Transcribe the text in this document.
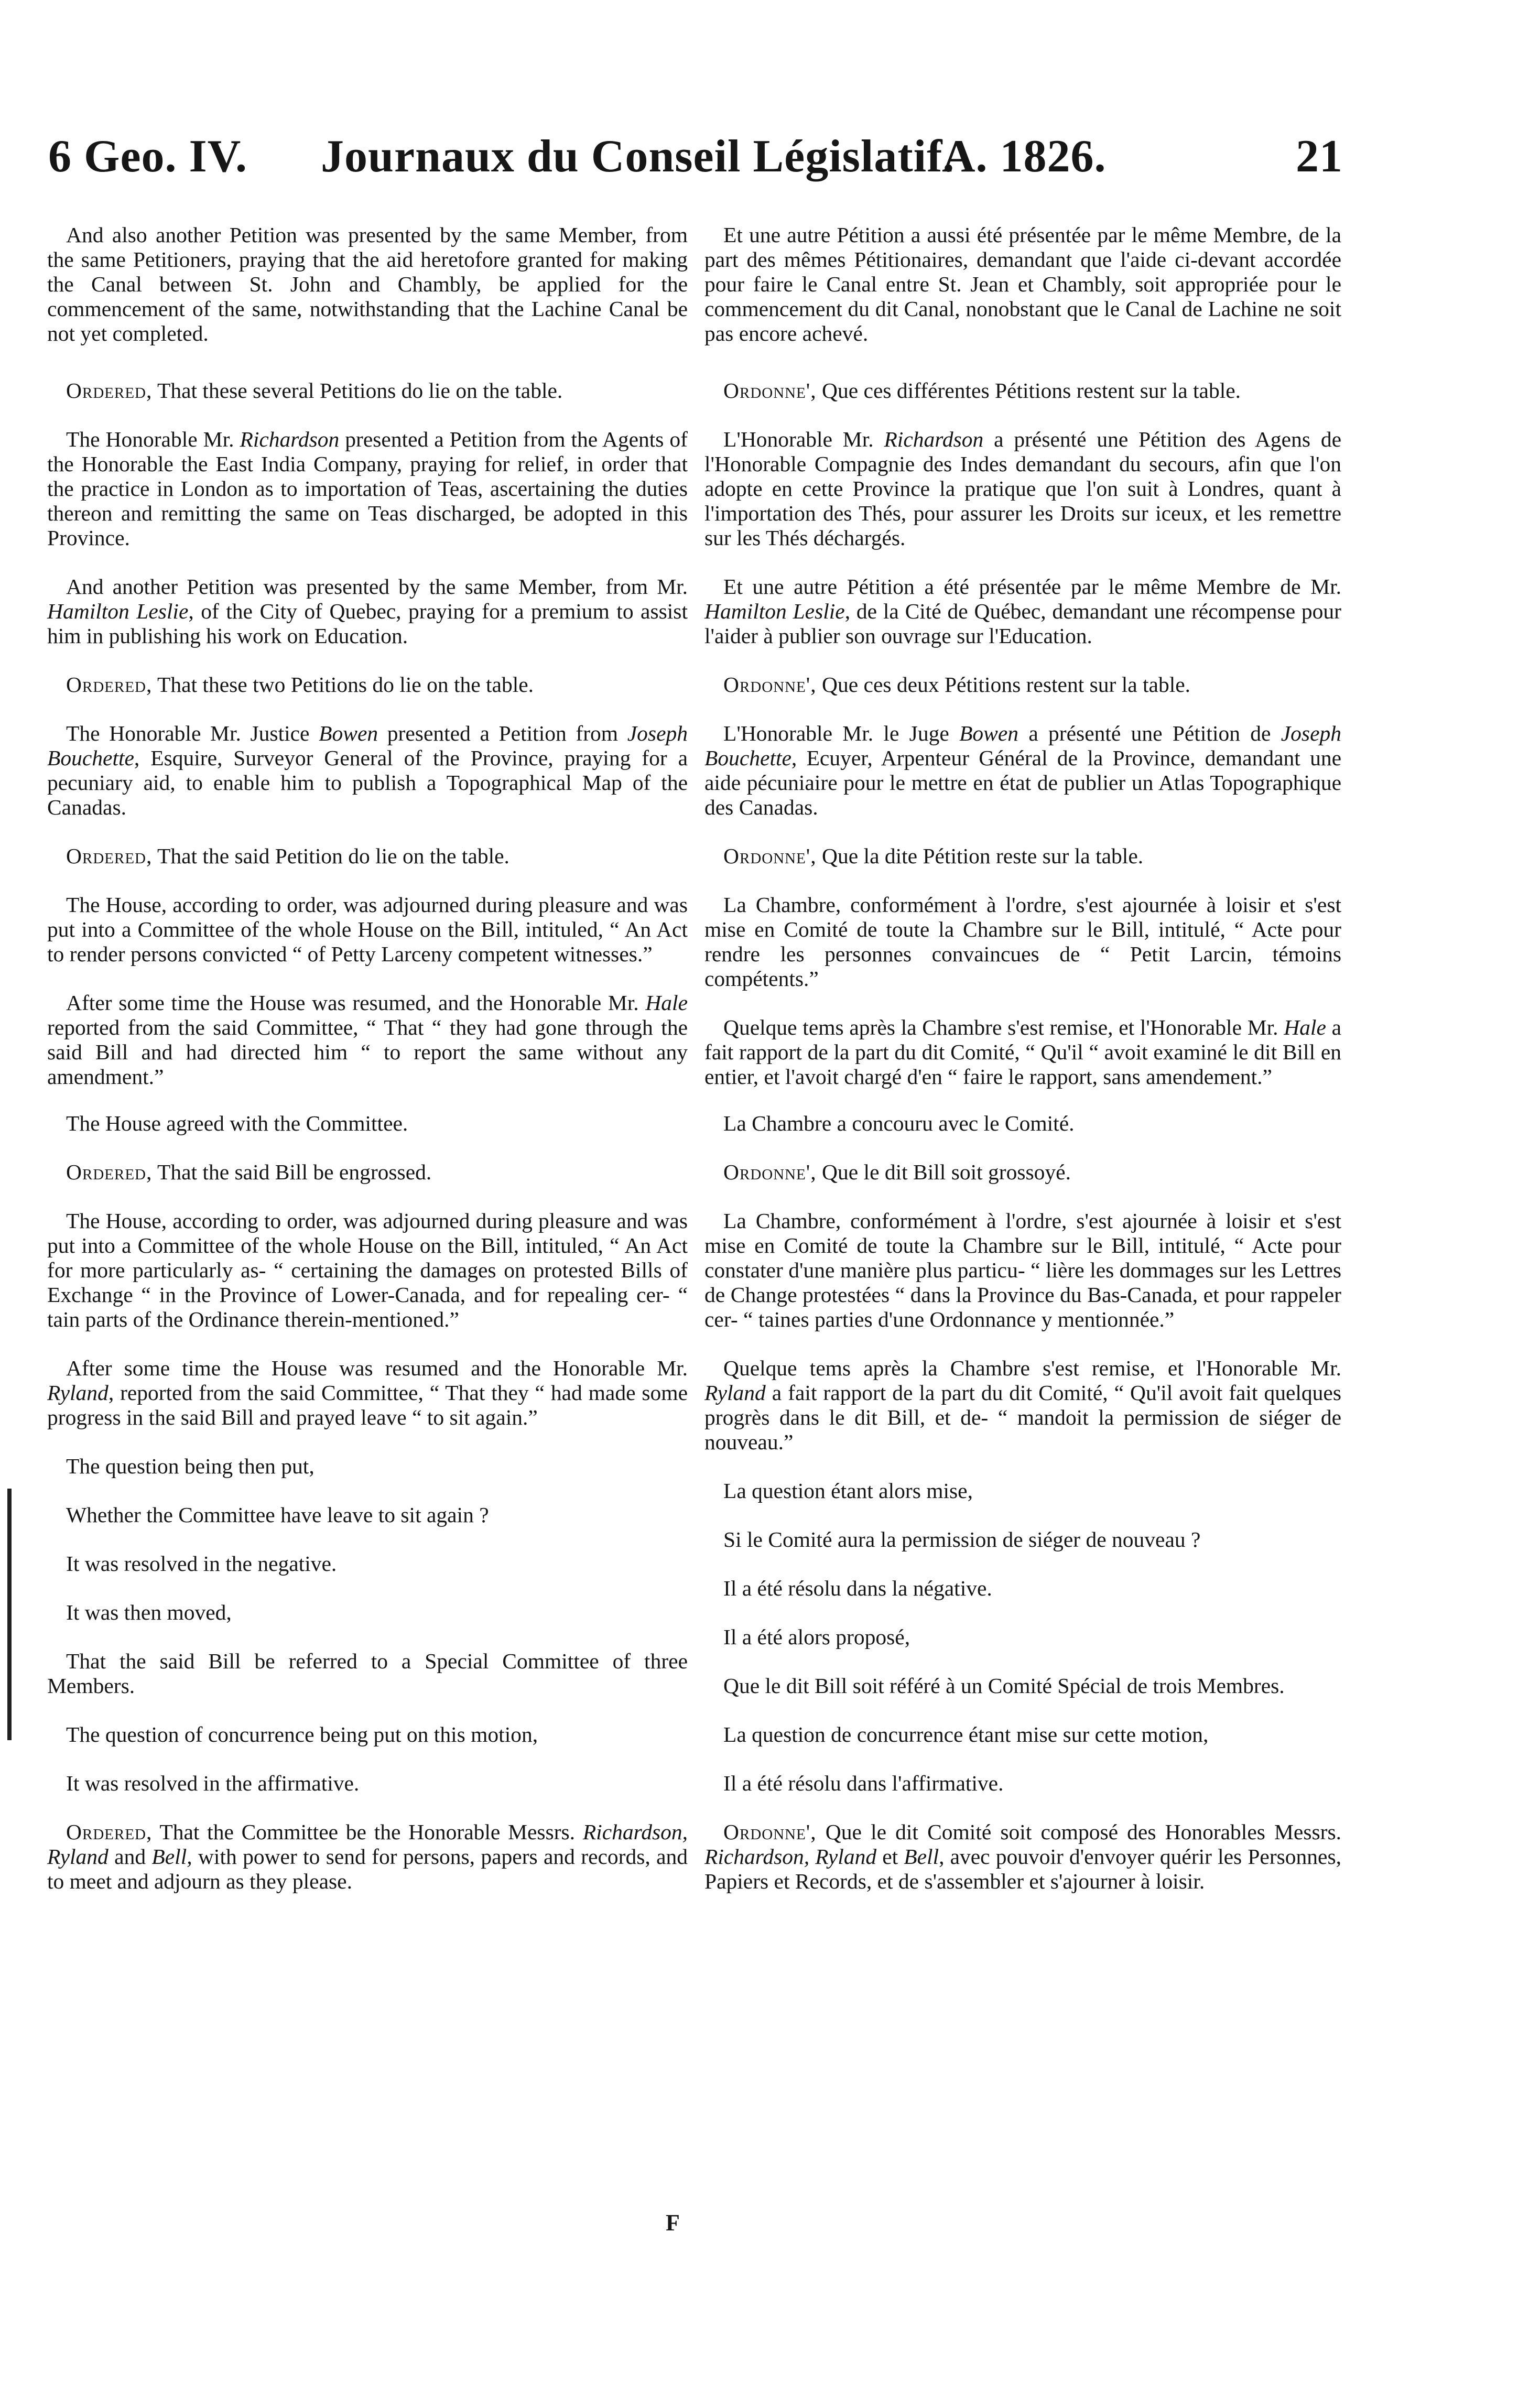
6 Geo. IV. Journaux du Conseil Législatif.
A. 1826.	21

And also another Petition was presented by the same Member, from the same Petitioners, praying that the aid heretofore granted for making the Canal between St. John and Chambly, be applied for the commencement of the same, notwithstanding that the Lachine Canal be not yet completed.

Ordered, That these several Petitions do lie on the table.

The Honorable Mr. Richardson presented a Petition from the Agents of the Honorable the East India Company, praying for relief, in order that the practice in London as to importation of Teas, ascertaining the duties thereon and remitting the same on Teas discharged, be adopted in this Province.

And another Petition was presented by the same Member, from Mr. Hamilton Leslie, of the City of Quebec, praying for a premium to assist him in publishing his work on Education.

Ordered, That these two Petitions do lie on the table.

The Honorable Mr. Justice Bowen presented a Petition from Joseph Bouchette, Esquire, Surveyor General of the Province, praying for a pecuniary aid, to enable him to publish a Topographical Map of the Canadas.

Ordered, That the said Petition do lie on the table.

The House, according to order, was adjourned during pleasure and was put into a Committee of the whole House on the Bill, intituled, “ An Act to render persons convicted “ of Petty Larceny competent witnesses.”

After some time the House was resumed, and the Honorable Mr. Hale reported from the said Committee, “ That “ they had gone through the said Bill and had directed him “ to report the same without any amendment.”

The House agreed with the Committee.

Ordered, That the said Bill be engrossed.

The House, according to order, was adjourned during pleasure and was put into a Committee of the whole House on the Bill, intituled, “ An Act for more particularly as- “ certaining the damages on protested Bills of Exchange “ in the Province of Lower-Canada, and for repealing cer- “ tain parts of the Ordinance therein-mentioned.”

After some time the House was resumed and the Honorable Mr. Ryland, reported from the said Committee, “ That they “ had made some progress in the said Bill and prayed leave “ to sit again.”

The question being then put,

Whether the Committee have leave to sit again ?

It was resolved in the negative.

It was then moved,

That the said Bill be referred to a Special Committee of three Members.

The question of concurrence being put on this motion,

It was resolved in the affirmative.

Ordered, That the Committee be the Honorable Messrs. Richardson, Ryland and Bell, with power to send for persons, papers and records, and to meet and adjourn as they please.

Et une autre Pétition a aussi été présentée par le même Membre, de la part des mêmes Pétitionaires, demandant que l'aide ci-devant accordée pour faire le Canal entre St. Jean et Chambly, soit appropriée pour le commencement du dit Canal, nonobstant que le Canal de Lachine ne soit pas encore achevé.

Ordonne', Que ces différentes Pétitions restent sur la table.

L'Honorable Mr. Richardson a présenté une Pétition des Agens de l'Honorable Compagnie des Indes demandant du secours, afin que l'on adopte en cette Province la pratique que l'on suit à Londres, quant à l'importation des Thés, pour assurer les Droits sur iceux, et les remettre sur les Thés déchargés.

Et une autre Pétition a été présentée par le même Membre de Mr. Hamilton Leslie, de la Cité de Québec, demandant une récompense pour l'aider à publier son ouvrage sur l'Education.

Ordonne', Que ces deux Pétitions restent sur la table.

L'Honorable Mr. le Juge Bowen a présenté une Pétition de Joseph Bouchette, Ecuyer, Arpenteur Général de la Province, demandant une aide pécuniaire pour le mettre en état de publier un Atlas Topographique des Canadas.

Ordonne', Que la dite Pétition reste sur la table.

La Chambre, conformément à l'ordre, s'est ajournée à loisir et s'est mise en Comité de toute la Chambre sur le Bill, intitulé, “ Acte pour rendre les personnes convaincues de “ Petit Larcin, témoins compétents.”

Quelque tems après la Chambre s'est remise, et l'Honorable Mr. Hale a fait rapport de la part du dit Comité, “ Qu'il “ avoit examiné le dit Bill en entier, et l'avoit chargé d'en “ faire le rapport, sans amendement.”

La Chambre a concouru avec le Comité.

Ordonne', Que le dit Bill soit grossoyé.

La Chambre, conformément à l'ordre, s'est ajournée à loisir et s'est mise en Comité de toute la Chambre sur le Bill, intitulé, “ Acte pour constater d'une manière plus particu- “ lière les dommages sur les Lettres de Change protestées “ dans la Province du Bas-Canada, et pour rappeler cer- “ taines parties d'une Ordonnance y mentionnée.”

Quelque tems après la Chambre s'est remise, et l'Honorable Mr. Ryland a fait rapport de la part du dit Comité, “ Qu'il avoit fait quelques progrès dans le dit Bill, et de- “ mandoit la permission de siéger de nouveau.”

La question étant alors mise,

Si le Comité aura la permission de siéger de nouveau ?

Il a été résolu dans la négative.

Il a été alors proposé,

Que le dit Bill soit référé à un Comité Spécial de trois Membres.

La question de concurrence étant mise sur cette motion,

Il a été résolu dans l'affirmative.

Ordonne', Que le dit Comité soit composé des Honorables Messrs. Richardson, Ryland et Bell, avec pouvoir d'envoyer quérir les Personnes, Papiers et Records, et de s'assembler et s'ajourner à loisir.

F
